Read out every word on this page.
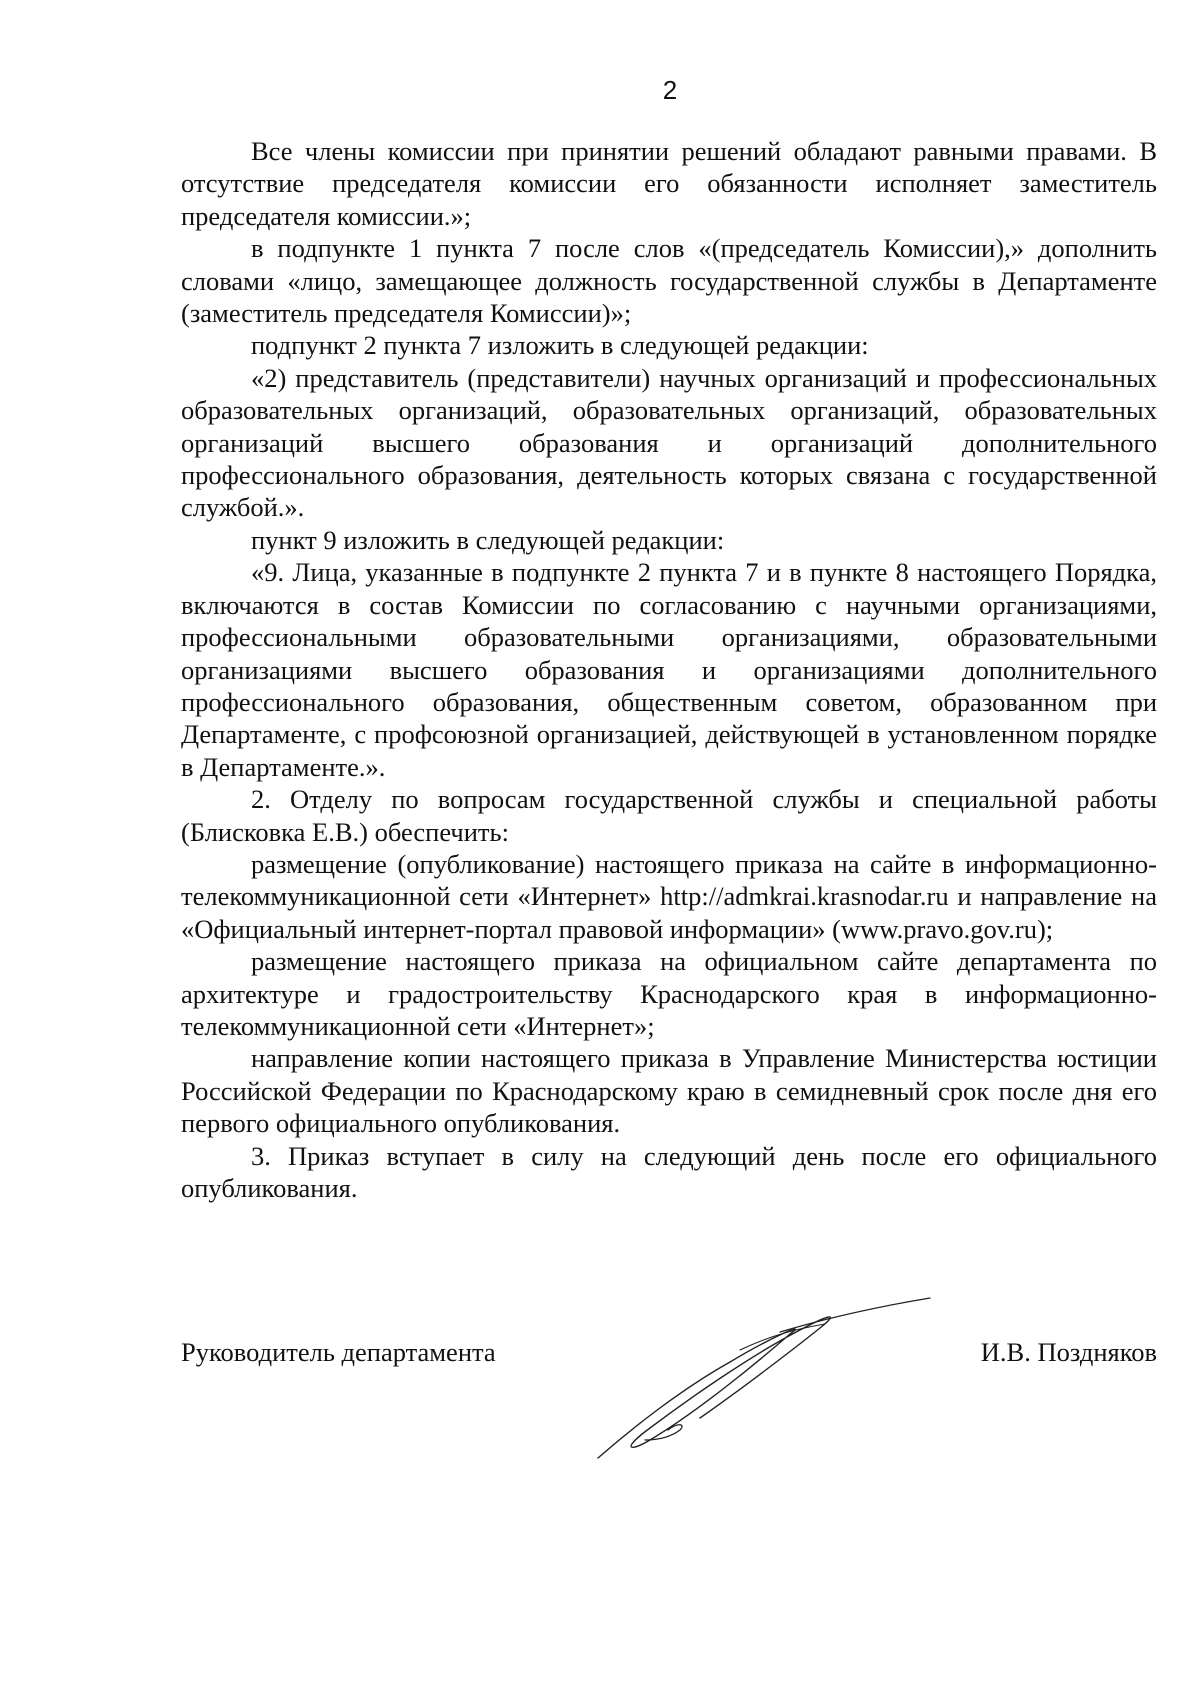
2

Все члены комиссии при принятии решений обладают равными правами. В отсутствие председателя комиссии его обязанности исполняет заместитель председателя комиссии.»;

в подпункте 1 пункта 7 после слов «(председатель Комиссии),» дополнить словами «лицо, замещающее должность государственной службы в Департаменте (заместитель председателя Комиссии)»;

подпункт 2 пункта 7 изложить в следующей редакции:

«2) представитель (представители) научных организаций и профессиональных образовательных организаций, образовательных организаций, образовательных организаций высшего образования и организаций дополнительного профессионального образования, деятельность которых связана с государственной службой.».

пункт 9 изложить в следующей редакции:

«9. Лица, указанные в подпункте 2 пункта 7 и в пункте 8 настоящего Порядка, включаются в состав Комиссии по согласованию с научными организациями, профессиональными образовательными организациями, образовательными организациями высшего образования и организациями дополнительного профессионального образования, общественным советом, образованном при Департаменте, с профсоюзной организацией, действующей в установленном порядке в Департаменте.».

2. Отделу по вопросам государственной службы и специальной работы (Блисковка Е.В.) обеспечить:

размещение (опубликование) настоящего приказа на сайте в информационно-телекоммуникационной сети «Интернет» http://admkrai.krasnodar.ru и направление на «Официальный интернет-портал правовой информации» (www.pravo.gov.ru);

размещение настоящего приказа на официальном сайте департамента по архитектуре и градостроительству Краснодарского края в информационно-телекоммуникационной сети «Интернет»;

направление копии настоящего приказа в Управление Министерства юстиции Российской Федерации по Краснодарскому краю в семидневный срок после дня его первого официального опубликования.

3. Приказ вступает в силу на следующий день после его официального опубликования.

Руководитель департамента	И.В. Поздняков
